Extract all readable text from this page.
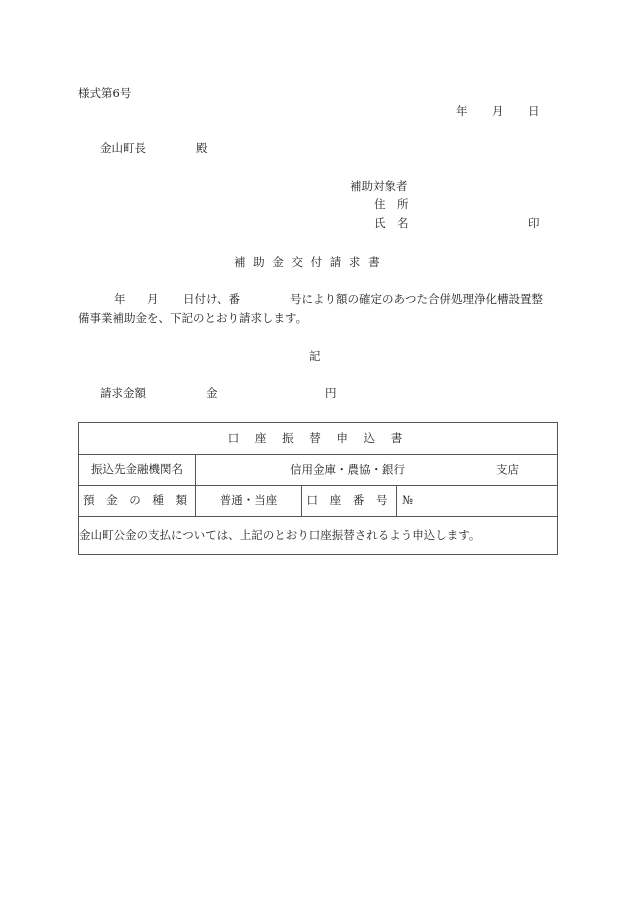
様式第6号
年 月 日
金山町長	殿
補助対象者
住　所
氏　名	印
補 助 金 交 付 請 求 書
年 月 日付け、番	号により額の確定のあつた合併処理浄化槽設置整
備事業補助金を、下記のとおり請求します。
記
請求金額	金	円
口 座 振 替 申 込 書			
振込先金融機関名	信用金庫・農協・銀行 支店		

預 金 の 種 類	普通・当座	口 座 番 号	№
金山町公金の支払については、上記のとおり口座振替されるよう申込します。			
